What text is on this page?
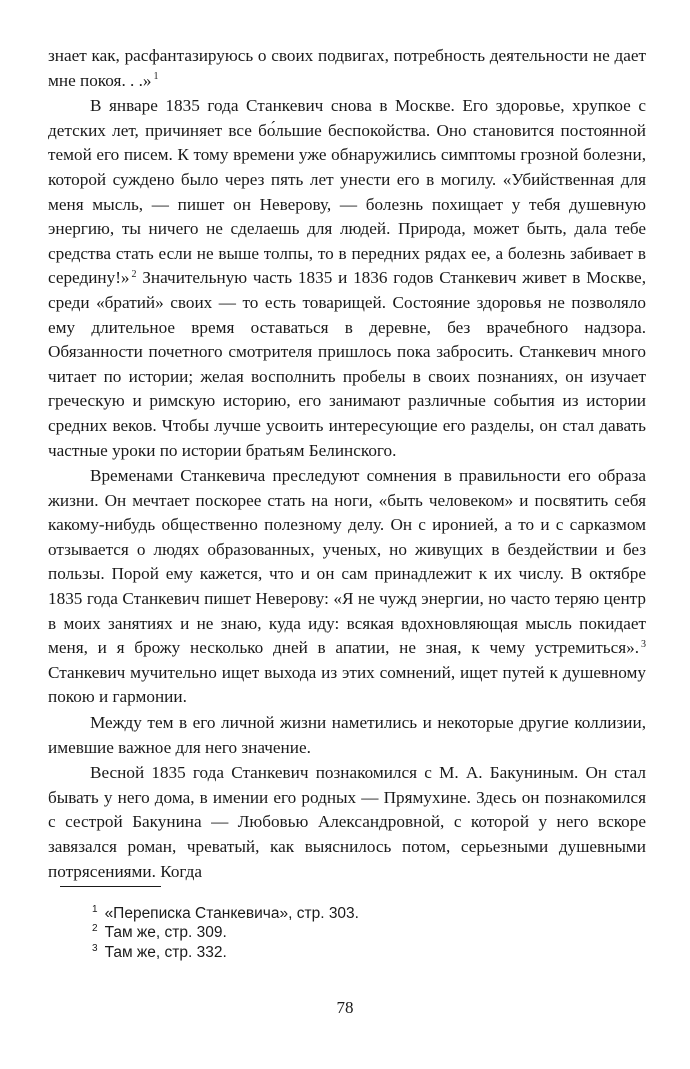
знает как, расфантазируюсь о своих подвигах, потребность деятельности не дает мне покоя. . .» $^1$

В январе 1835 года Станкевич снова в Москве. Его здоровье, хрупкое с детских лет, причиняет все бо́льшие беспокойства. Оно становится постоянной темой его писем. К тому времени уже обнаружились симптомы грозной болезни, которой суждено было через пять лет унести его в могилу. «Убийственная для меня мысль, — пишет он Неверову, — болезнь похищает у тебя душевную энергию, ты ничего не сделаешь для людей. Природа, может быть, дала тебе средства стать если не выше толпы, то в передних рядах ее, а болезнь забивает в середину!» $^2$ Значительную часть 1835 и 1836 годов Станкевич живет в Москве, среди «братий» своих — то есть товарищей. Состояние здоровья не позволяло ему длительное время оставаться в деревне, без врачебного надзора. Обязанности почетного смотрителя пришлось пока забросить. Станкевич много читает по истории; желая восполнить пробелы в своих познаниях, он изучает греческую и римскую историю, его занимают различные события из истории средних веков. Чтобы лучше усвоить интересующие его разделы, он стал давать частные уроки по истории братьям Белинского.

Временами Станкевича преследуют сомнения в правильности его образа жизни. Он мечтает поскорее стать на ноги, «быть человеком» и посвятить себя какому-нибудь общественно полезному делу. Он с иронией, а то и с сарказмом отзывается о людях образованных, ученых, но живущих в бездействии и без пользы. Порой ему кажется, что и он сам принадлежит к их числу. В октябре 1835 года Станкевич пишет Неверову: «Я не чужд энергии, но часто теряю центр в моих занятиях и не знаю, куда иду: всякая вдохновляющая мысль покидает меня, и я брожу несколько дней в апатии, не зная, к чему устремиться». $^3$ Станкевич мучительно ищет выхода из этих сомнений, ищет путей к душевному покою и гармонии.

Между тем в его личной жизни наметились и некоторые другие коллизии, имевшие важное для него значение.

Весной 1835 года Станкевич познакомился с М. А. Бакуниным. Он стал бывать у него дома, в имении его родных — Прямухине. Здесь он познакомился с сестрой Бакунина — Любовью Александровной, с которой у него вскоре завязался роман, чреватый, как выяснилось потом, серьезными душевными потрясениями. Когда

$^1$ «Переписка Станкевича», стр. 303.
$^2$ Там же, стр. 309.
$^3$ Там же, стр. 332.
78
